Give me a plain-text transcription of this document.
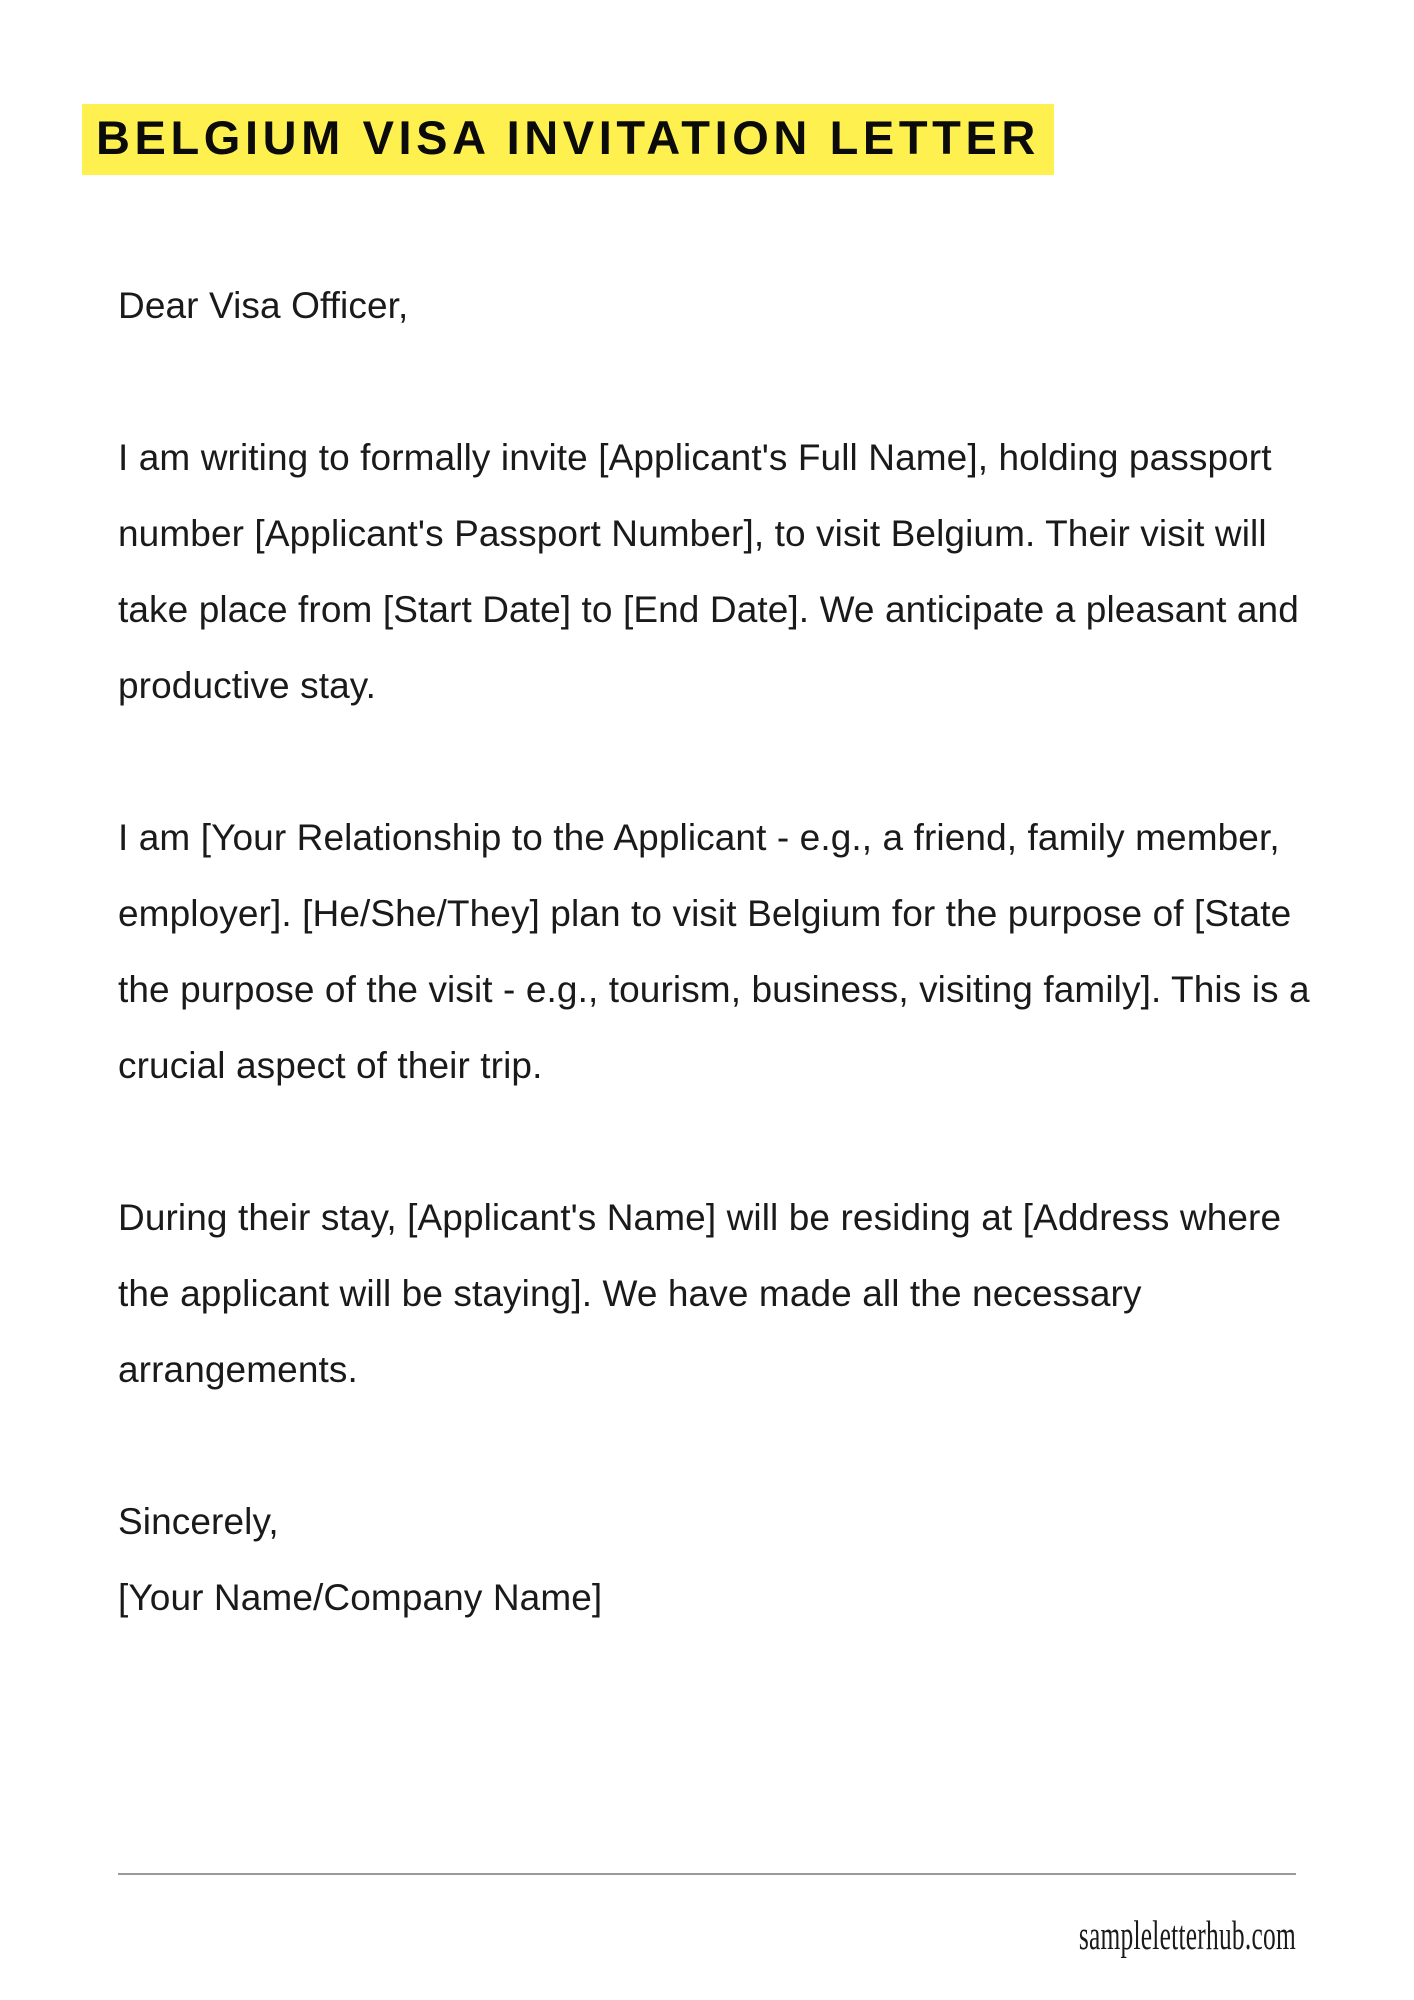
BELGIUM VISA INVITATION LETTER

Dear Visa Officer,

I am writing to formally invite [Applicant's Full Name], holding passport number [Applicant's Passport Number], to visit Belgium. Their visit will take place from [Start Date] to [End Date]. We anticipate a pleasant and productive stay.

I am [Your Relationship to the Applicant - e.g., a friend, family member, employer]. [He/She/They] plan to visit Belgium for the purpose of [State the purpose of the visit - e.g., tourism, business, visiting family]. This is a crucial aspect of their trip.

During their stay, [Applicant's Name] will be residing at [Address where the applicant will be staying]. We have made all the necessary arrangements.

Sincerely,

[Your Name/Company Name]

sampleletterhub.com
